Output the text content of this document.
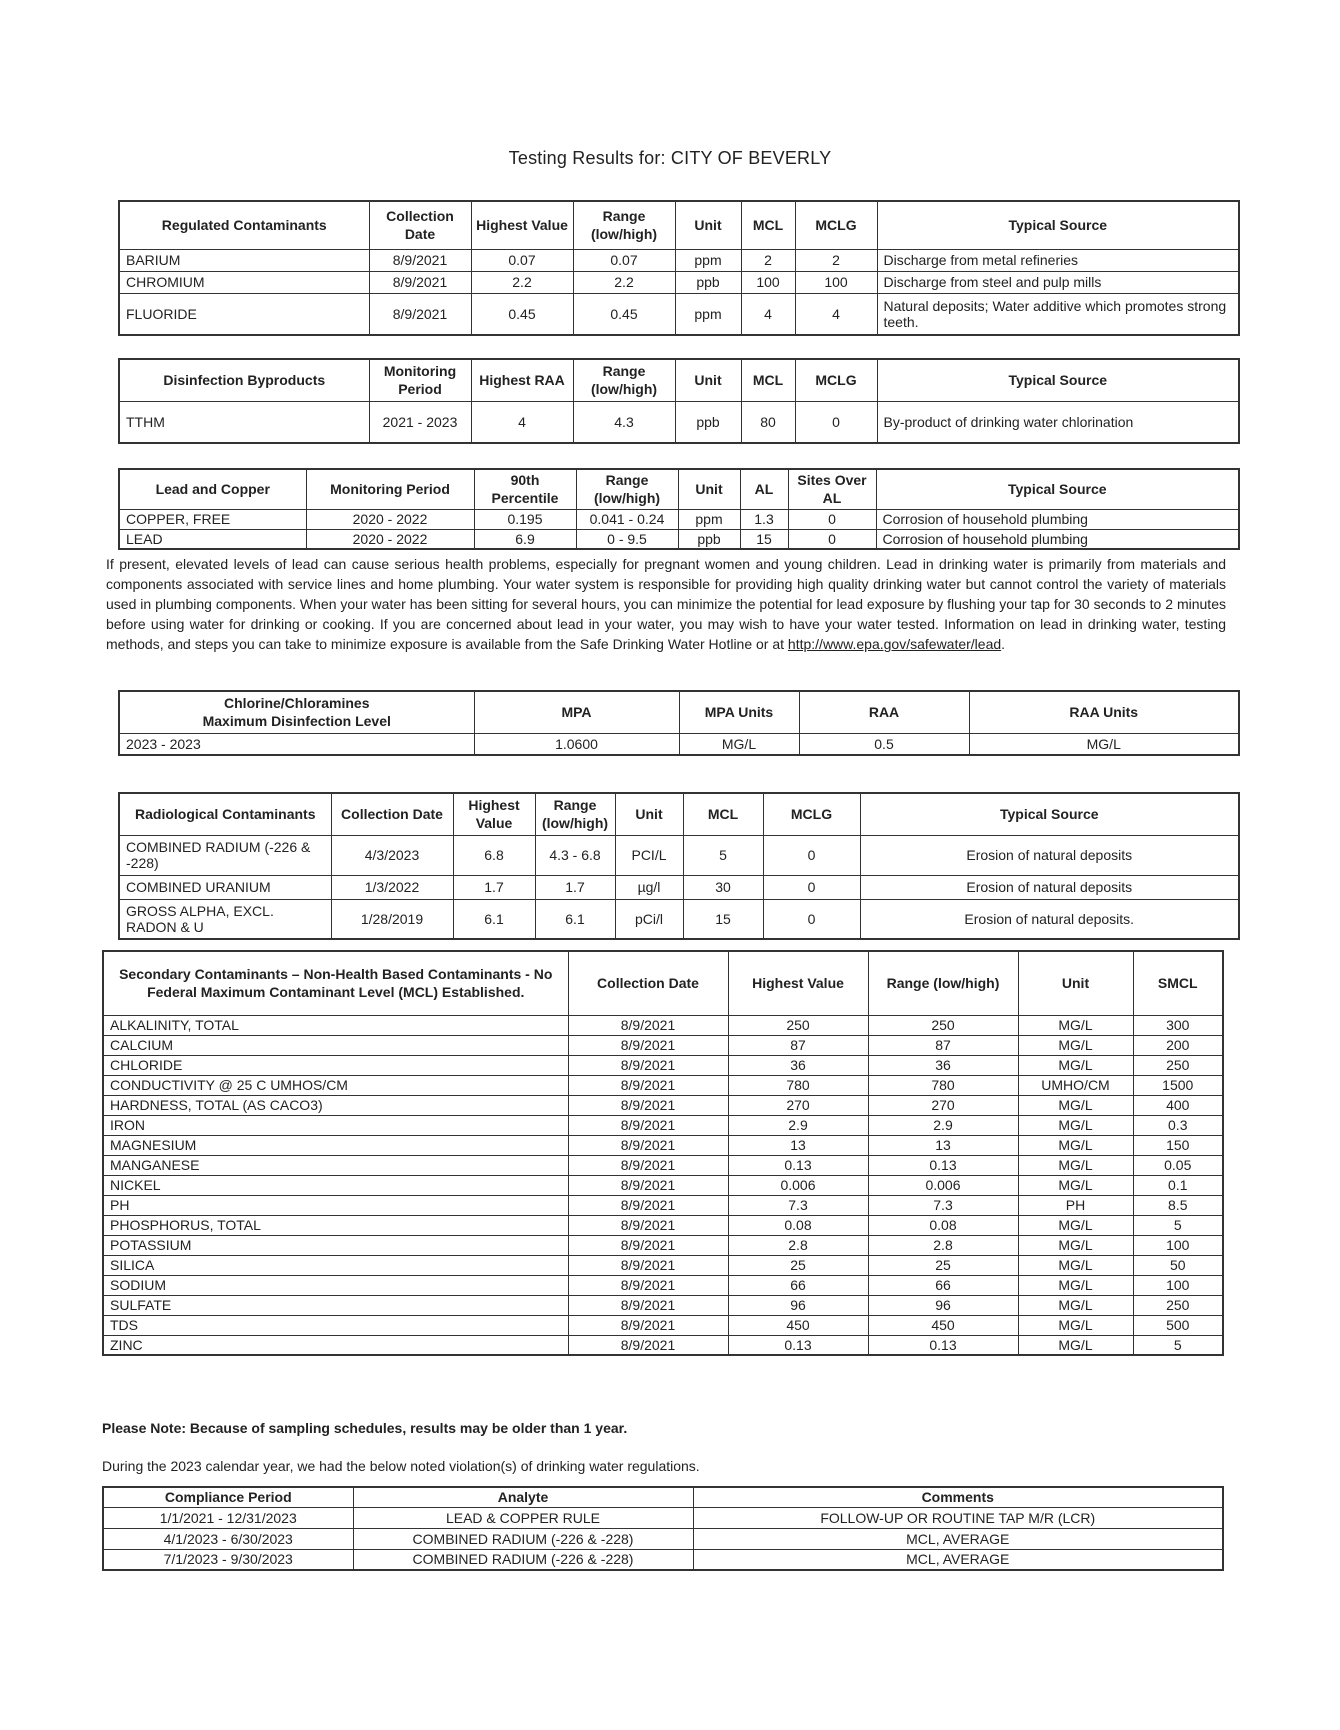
Testing Results for: CITY OF BEVERLY
Regulated Contaminants	Collection Date	Highest Value	Range (low/high)	Unit	MCL	MCLG	Typical Source
BARIUM	8/9/2021	0.07	0.07	ppm	2	2	Discharge from metal refineries
CHROMIUM	8/9/2021	2.2	2.2	ppb	100	100	Discharge from steel and pulp mills
FLUORIDE	8/9/2021	0.45	0.45	ppm	4	4	Natural deposits; Water additive which promotes strong teeth.
Disinfection Byproducts	Monitoring Period	Highest RAA	Range (low/high)	Unit	MCL	MCLG	Typical Source
TTHM	2021 - 2023	4	4.3	ppb	80	0	By-product of drinking water chlorination
Lead and Copper	Monitoring Period	90th Percentile	Range (low/high)	Unit	AL	Sites Over AL	Typical Source
COPPER, FREE	2020 - 2022	0.195	0.041 - 0.24	ppm	1.3	0	Corrosion of household plumbing
LEAD	2020 - 2022	6.9	0 - 9.5	ppb	15	0	Corrosion of household plumbing

If present, elevated levels of lead can cause serious health problems, especially for pregnant women and young children. Lead in drinking water is primarily from materials and components associated with service lines and home plumbing. Your water system is responsible for providing high quality drinking water but cannot control the variety of materials used in plumbing components. When your water has been sitting for several hours, you can minimize the potential for lead exposure by flushing your tap for 30 seconds to 2 minutes before using water for drinking or cooking. If you are concerned about lead in your water, you may wish to have your water tested. Information on lead in drinking water, testing methods, and steps you can take to minimize exposure is available from the Safe Drinking Water Hotline or at http://www.epa.gov/safewater/lead.

Chlorine/Chloramines Maximum Disinfection Level	MPA	MPA Units	RAA	RAA Units
2023 - 2023	1.0600	MG/L	0.5	MG/L
Radiological Contaminants	Collection Date	Highest Value	Range (low/high)	Unit	MCL	MCLG	Typical Source
COMBINED RADIUM (-226 & -228)	4/3/2023	6.8	4.3 - 6.8	PCI/L	5	0	Erosion of natural deposits
COMBINED URANIUM	1/3/2022	1.7	1.7	µg/l	30	0	Erosion of natural deposits
GROSS ALPHA, EXCL. RADON & U	1/28/2019	6.1	6.1	pCi/l	15	0	Erosion of natural deposits.
Secondary Contaminants – Non-Health Based Contaminants - No Federal Maximum Contaminant Level (MCL) Established.	Collection Date	Highest Value	Range (low/high)	Unit	SMCL
ALKALINITY, TOTAL	8/9/2021	250	250	MG/L	300
CALCIUM	8/9/2021	87	87	MG/L	200
CHLORIDE	8/9/2021	36	36	MG/L	250
CONDUCTIVITY @ 25 C UMHOS/CM	8/9/2021	780	780	UMHO/CM	1500
HARDNESS, TOTAL (AS CACO3)	8/9/2021	270	270	MG/L	400
IRON	8/9/2021	2.9	2.9	MG/L	0.3
MAGNESIUM	8/9/2021	13	13	MG/L	150
MANGANESE	8/9/2021	0.13	0.13	MG/L	0.05
NICKEL	8/9/2021	0.006	0.006	MG/L	0.1
PH	8/9/2021	7.3	7.3	PH	8.5
PHOSPHORUS, TOTAL	8/9/2021	0.08	0.08	MG/L	5
POTASSIUM	8/9/2021	2.8	2.8	MG/L	100
SILICA	8/9/2021	25	25	MG/L	50
SODIUM	8/9/2021	66	66	MG/L	100
SULFATE	8/9/2021	96	96	MG/L	250
TDS	8/9/2021	450	450	MG/L	500
ZINC	8/9/2021	0.13	0.13	MG/L	5

Please Note: Because of sampling schedules, results may be older than 1 year.

During the 2023 calendar year, we had the below noted violation(s) of drinking water regulations.

Compliance Period	Analyte	Comments
1/1/2021 - 12/31/2023	LEAD & COPPER RULE	FOLLOW-UP OR ROUTINE TAP M/R (LCR)
4/1/2023 - 6/30/2023	COMBINED RADIUM (-226 & -228)	MCL, AVERAGE
7/1/2023 - 9/30/2023	COMBINED RADIUM (-226 & -228)	MCL, AVERAGE
